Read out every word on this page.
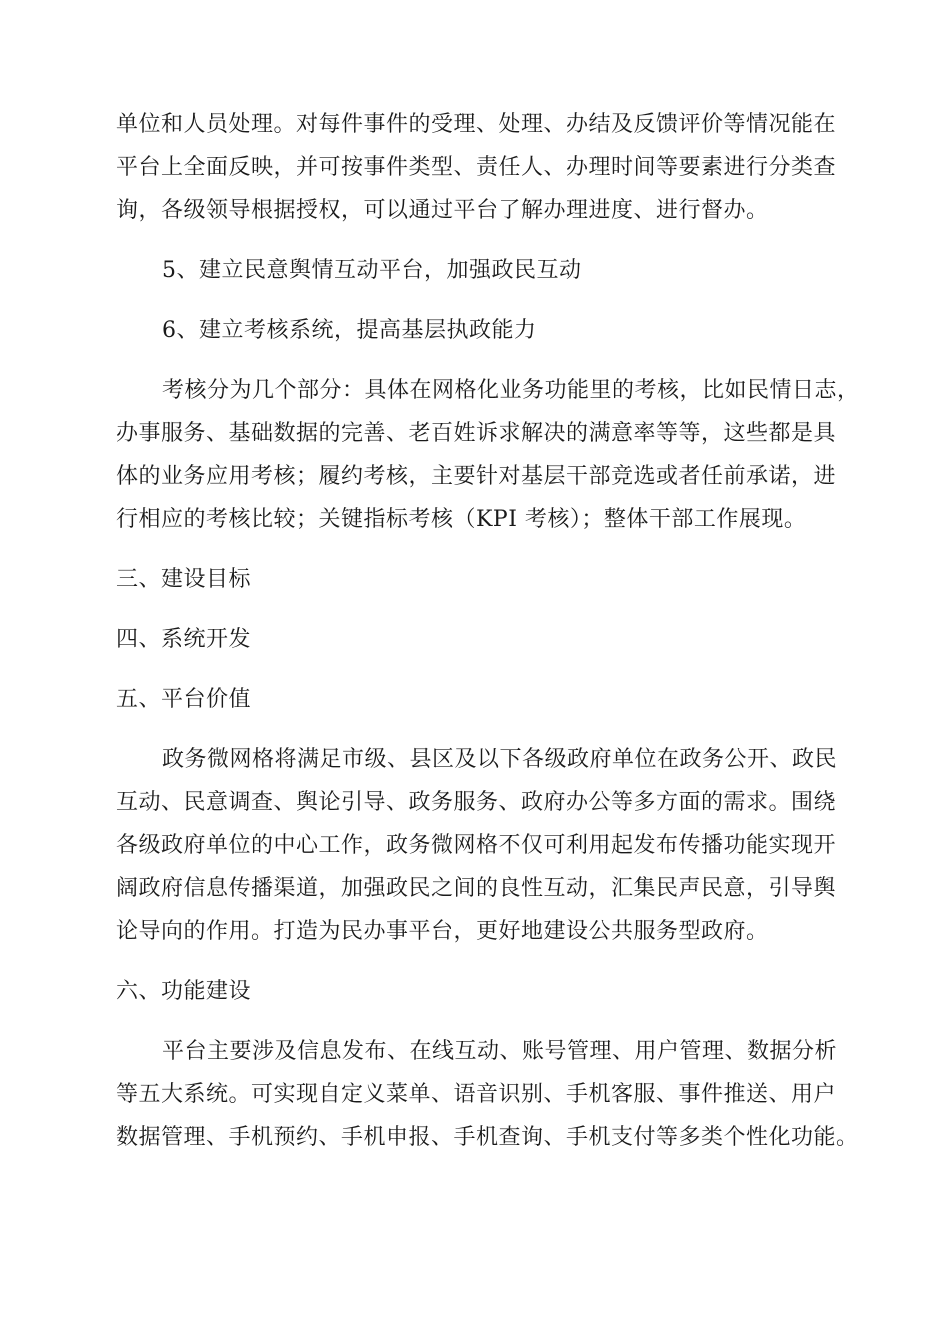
单位和人员处理。对每件事件的受理、处理、办结及反馈评价等情况能在
平台上全面反映，并可按事件类型、责任人、办理时间等要素进行分类查
询，各级领导根据授权，可以通过平台了解办理进度、进行督办。
5、建立民意舆情互动平台，加强政民互动
6、建立考核系统，提高基层执政能力
考核分为几个部分：具体在网格化业务功能里的考核，比如民情日志，
办事服务、基础数据的完善、老百姓诉求解决的满意率等等，这些都是具
体的业务应用考核；履约考核，主要针对基层干部竞选或者任前承诺，进
行相应的考核比较；关键指标考核（KPI 考核）；整体干部工作展现。
三、建设目标
四、系统开发
五、平台价值
政务微网格将满足市级、县区及以下各级政府单位在政务公开、政民
互动、民意调查、舆论引导、政务服务、政府办公等多方面的需求。围绕
各级政府单位的中心工作，政务微网格不仅可利用起发布传播功能实现开
阔政府信息传播渠道，加强政民之间的良性互动，汇集民声民意，引导舆
论导向的作用。打造为民办事平台，更好地建设公共服务型政府。
六、功能建设
平台主要涉及信息发布、在线互动、账号管理、用户管理、数据分析
等五大系统。可实现自定义菜单、语音识别、手机客服、事件推送、用户
数据管理、手机预约、手机申报、手机查询、手机支付等多类个性化功能。
